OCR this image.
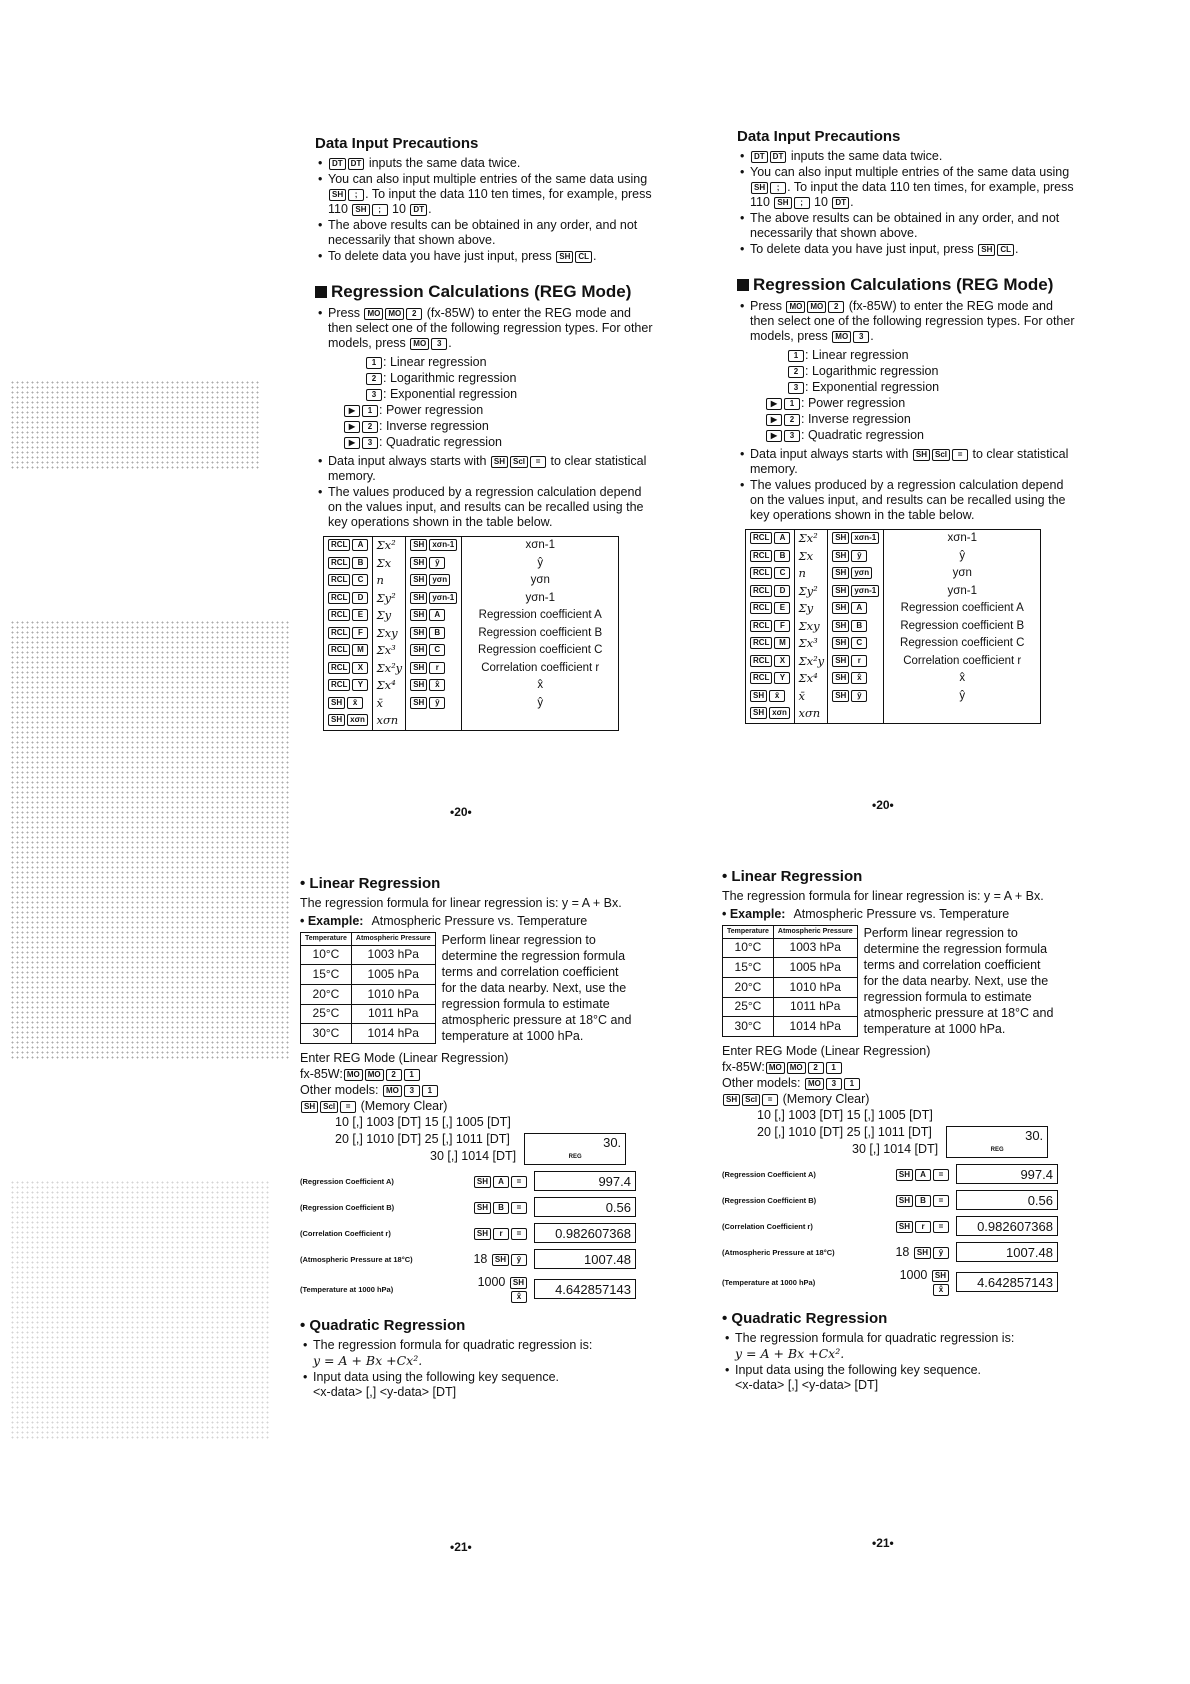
Data Input Precautions
• DT DT inputs the same data twice.
• You can also input multiple entries of the same data using SH ; . To input the data 110 ten times, for example, press 110 SH ; 10 DT .
• The above results can be obtained in any order, and not necessarily that shown above.
• To delete data you have just input, press SH CL .
Regression Calculations (REG Mode)
• Press MO MO 2 (fx-85W) to enter the REG mode and then select one of the following regression types. For other models, press MO 3 .
1 : Linear regression
2 : Logarithmic regression
3 : Exponential regression
▶ 1 : Power regression
▶ 2 : Inverse regression
▶ 3 : Quadratic regression
• Data input always starts with SH Scl = to clear statistical memory.
• The values produced by a regression calculation depend on the values input, and results can be recalled using the key operations shown in the table below.
RCL A	Σx²	SH xσn-1	xσn-1
RCL B	Σx	SH ŷ	ŷ
RCL C	n	SH yσn	yσn
RCL D	Σy²	SH yσn-1	yσn-1
RCL E	Σy	SH A	Regression coefficient A
RCL F	Σxy	SH B	Regression coefficient B
RCL M	Σx³	SH C	Regression coefficient C
RCL X	Σx²y	SH r	Correlation coefficient r
RCL Y	Σx⁴	SH x̂	x̂
SH x̄	x̄	SH ŷ	ŷ
SH xσn	xσn		
•20•
• Linear Regression
The regression formula for linear regression is: y = A + Bx.
• Example: Atmospheric Pressure vs. Temperature
Temperature	Atmospheric Pressure
10°C	1003 hPa
15°C	1005 hPa
20°C	1010 hPa
25°C	1011 hPa
30°C	1014 hPa
Perform linear regression to determine the regression formula terms and correlation coefficient for the data nearby. Next, use the regression formula to estimate atmospheric pressure at 18°C and temperature at 1000 hPa.
Enter REG Mode (Linear Regression)
fx-85W: MO MO 2 1
Other models: MO 3 1
SH Scl = (Memory Clear)
10 [,] 1003 [DT] 15 [,] 1005 [DT]
20 [,] 1010 [DT] 25 [,] 1011 [DT]
30 [,] 1014 [DT]
30.
REG
(Regression Coefficient A)	SH A =	997.4
(Regression Coefficient B)	SH B =	0.56
(Correlation Coefficient r)	SH r =	0.982607368
(Atmospheric Pressure at 18°C)	18 SH ŷ	1007.48
(Temperature at 1000 hPa)	1000 SHx̂	4.642857143
• Quadratic Regression
• The regression formula for quadratic regression is:
y = A + Bx +Cx².
• Input data using the following key sequence.
<x-data> [,] <y-data> [DT]
•21•
Data Input Precautions
• DT DT inputs the same data twice.
• You can also input multiple entries of the same data using SH ; . To input the data 110 ten times, for example, press 110 SH ; 10 DT .
• The above results can be obtained in any order, and not necessarily that shown above.
• To delete data you have just input, press SH CL .
Regression Calculations (REG Mode)
• Press MO MO 2 (fx-85W) to enter the REG mode and then select one of the following regression types. For other models, press MO 3 .
1 : Linear regression
2 : Logarithmic regression
3 : Exponential regression
▶ 1 : Power regression
▶ 2 : Inverse regression
▶ 3 : Quadratic regression
• Data input always starts with SH Scl = to clear statistical memory.
• The values produced by a regression calculation depend on the values input, and results can be recalled using the key operations shown in the table below.
RCL A	Σx²	SH xσn-1	xσn-1
RCL B	Σx	SH ŷ	ŷ
RCL C	n	SH yσn	yσn
RCL D	Σy²	SH yσn-1	yσn-1
RCL E	Σy	SH A	Regression coefficient A
RCL F	Σxy	SH B	Regression coefficient B
RCL M	Σx³	SH C	Regression coefficient C
RCL X	Σx²y	SH r	Correlation coefficient r
RCL Y	Σx⁴	SH x̂	x̂
SH x̄	x̄	SH ŷ	ŷ
SH xσn	xσn		
•20•
• Linear Regression
The regression formula for linear regression is: y = A + Bx.
• Example: Atmospheric Pressure vs. Temperature
Temperature	Atmospheric Pressure
10°C	1003 hPa
15°C	1005 hPa
20°C	1010 hPa
25°C	1011 hPa
30°C	1014 hPa
Perform linear regression to determine the regression formula terms and correlation coefficient for the data nearby. Next, use the regression formula to estimate atmospheric pressure at 18°C and temperature at 1000 hPa.
Enter REG Mode (Linear Regression)
fx-85W: MO MO 2 1
Other models: MO 3 1
SH Scl = (Memory Clear)
10 [,] 1003 [DT] 15 [,] 1005 [DT]
20 [,] 1010 [DT] 25 [,] 1011 [DT]
30 [,] 1014 [DT]
30.
REG
(Regression Coefficient A)	SH A =	997.4
(Regression Coefficient B)	SH B =	0.56
(Correlation Coefficient r)	SH r =	0.982607368
(Atmospheric Pressure at 18°C)	18 SH ŷ	1007.48
(Temperature at 1000 hPa)	1000 SHx̂	4.642857143
• Quadratic Regression
• The regression formula for quadratic regression is:
y = A + Bx +Cx².
• Input data using the following key sequence.
<x-data> [,] <y-data> [DT]
•21•
